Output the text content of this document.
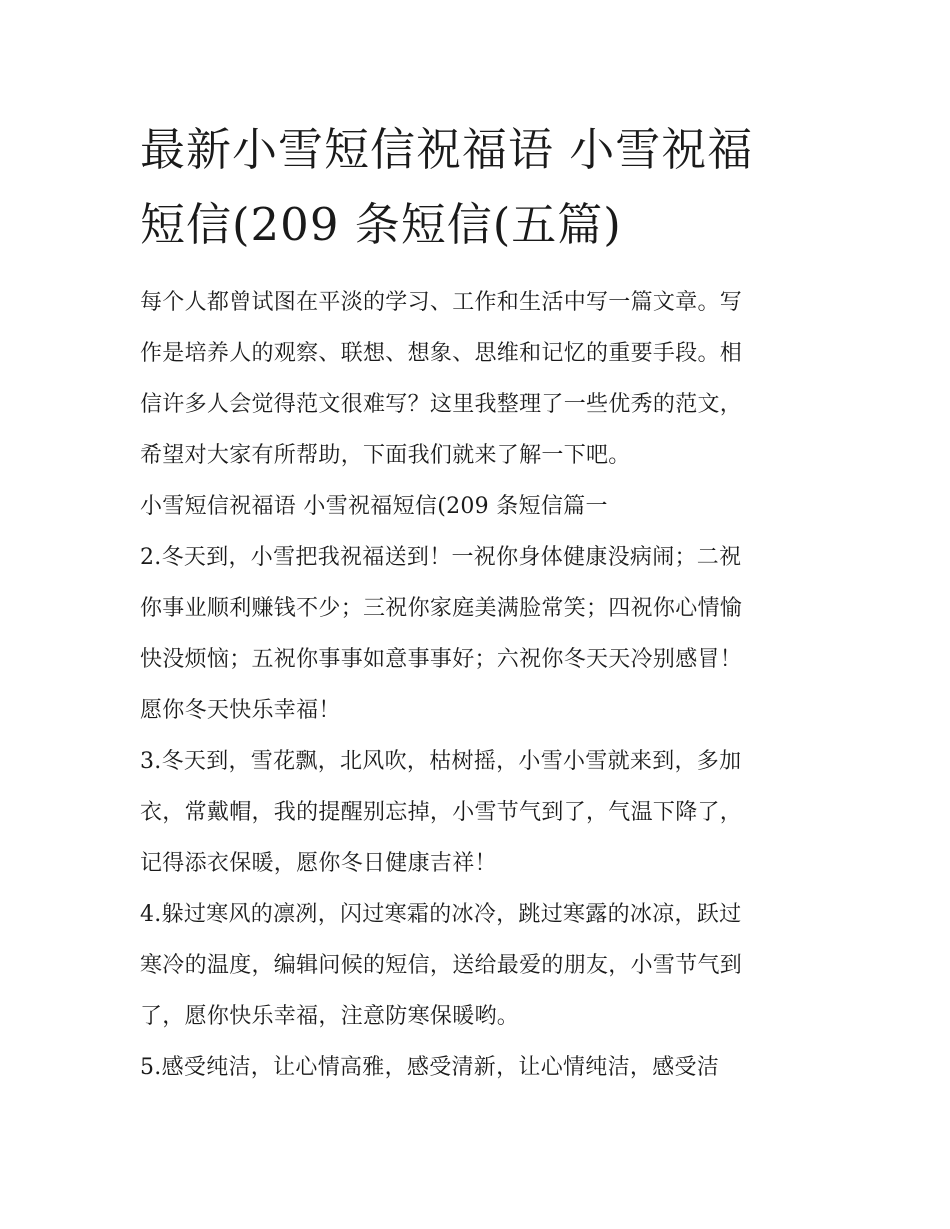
最新小雪短信祝福语 小雪祝福
短信(209 条短信(五篇)
每个人都曾试图在平淡的学习、工作和生活中写一篇文章。写
作是培养人的观察、联想、想象、思维和记忆的重要手段。相
信许多人会觉得范文很难写？这里我整理了一些优秀的范文，
希望对大家有所帮助，下面我们就来了解一下吧。
小雪短信祝福语 小雪祝福短信(209 条短信篇一
2.冬天到，小雪把我祝福送到！一祝你身体健康没病闹；二祝
你事业顺利赚钱不少；三祝你家庭美满脸常笑；四祝你心情愉
快没烦恼；五祝你事事如意事事好；六祝你冬天天冷别感冒！
愿你冬天快乐幸福！
3.冬天到，雪花飘，北风吹，枯树摇，小雪小雪就来到，多加
衣，常戴帽，我的提醒别忘掉，小雪节气到了，气温下降了，
记得添衣保暖，愿你冬日健康吉祥！
4.躲过寒风的凛冽，闪过寒霜的冰冷，跳过寒露的冰凉，跃过
寒冷的温度，编辑问候的短信，送给最爱的朋友，小雪节气到
了，愿你快乐幸福，注意防寒保暖哟。
5.感受纯洁，让心情高雅，感受清新，让心情纯洁，感受洁
